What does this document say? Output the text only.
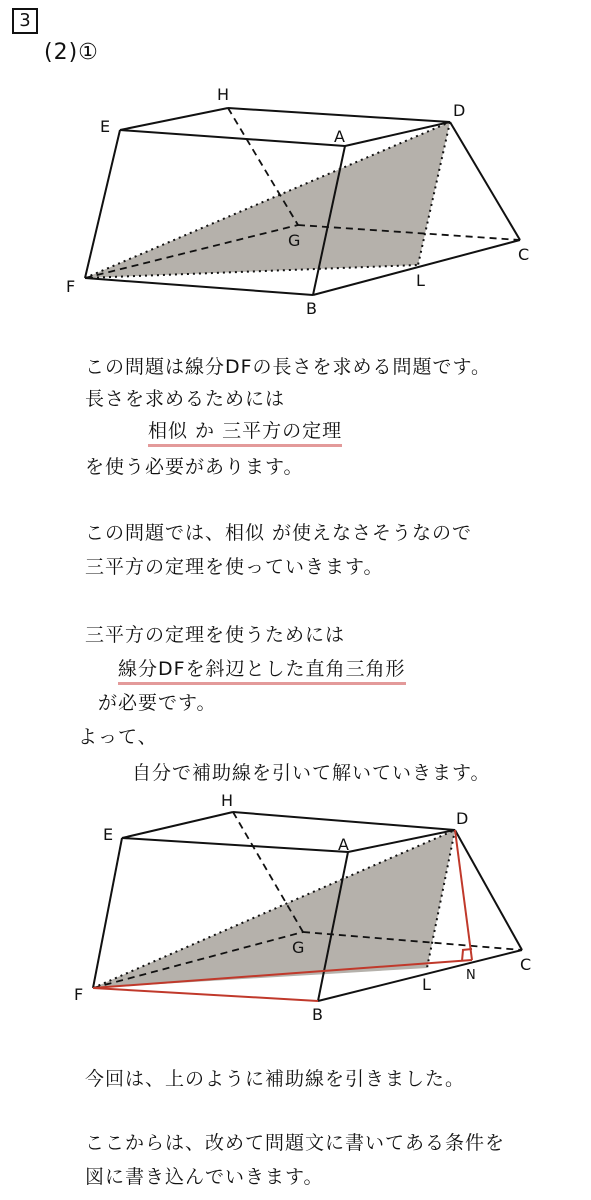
3
(2)①
H
E
A
D
G
C
F	L
B
この問題は線分DFの長さを求める問題です。
長さを求めるためには
相似 か 三平方の定理
を使う必要があります。
この問題では、相似 が使えなさそうなので
三平方の定理を使っていきます。
三平方の定理を使うためには
線分DFを斜辺とした直角三角形
が必要です。
よって、
自分で補助線を引いて解いていきます。
H
E
A
D
G
C
F
L	N
B
今回は、上のように補助線を引きました。
ここからは、改めて問題文に書いてある条件を
図に書き込んでいきます。
